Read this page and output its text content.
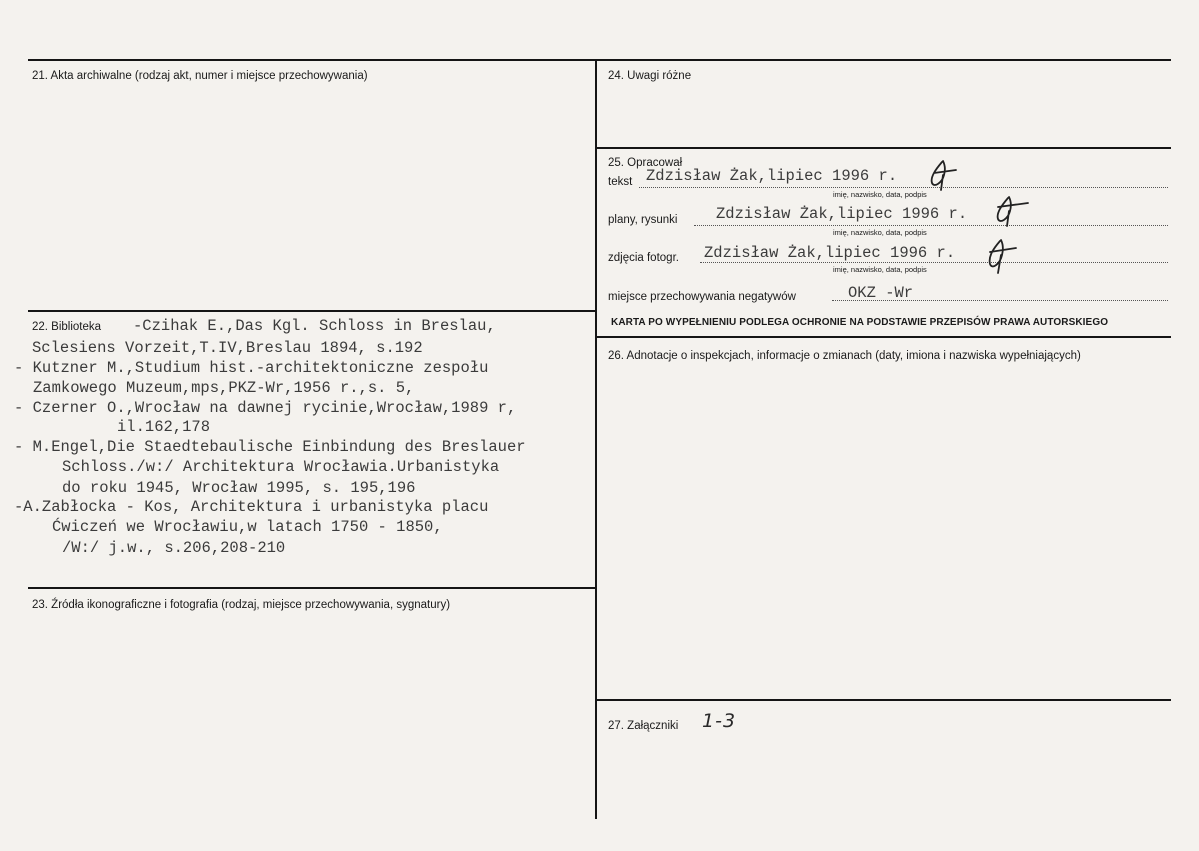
21. Akta archiwalne (rodzaj akt, numer i miejsce przechowywania)
22. Biblioteka -Czihak E.,Das Kgl. Schloss in Breslau,
Sclesiens Vorzeit,T.IV,Breslau 1894, s.192
- Kutzner M.,Studium hist.-architektoniczne zespołu
Zamkowego Muzeum,mps,PKZ-Wr,1956 r.,s. 5,
- Czerner O.,Wrocław na dawnej rycinie,Wrocław,1989 r,
il.162,178
- M.Engel,Die Staedtebaulische Einbindung des Breslauer
Schloss./w:/ Architektura Wrocławia.Urbanistyka
do roku 1945, Wrocław 1995, s. 195,196
-A.Zabłocka - Kos, Architektura i urbanistyka placu
Ćwiczeń we Wrocławiu,w latach 1750 - 1850,
/W:/ j.w., s.206,208-210
23. Źródła ikonograficzne i fotografia (rodzaj, miejsce przechowywania, sygnatury)
24. Uwagi różne
25. Opracował
tekst Zdzisław Żak,lipiec 1996 r.
imię, nazwisko, data, podpis
plany, rysunki Zdzisław Żak,lipiec 1996 r.
imię, nazwisko, data, podpis
zdjęcia fotogr. Zdzisław Żak,lipiec 1996 r.
imię, nazwisko, data, podpis
miejsce przechowywania negatywów	OKZ -Wr
KARTA PO WYPEŁNIENIU PODLEGA OCHRONIE NA PODSTAWIE PRZEPISÓW PRAWA AUTORSKIEGO
26. Adnotacje o inspekcjach, informacje o zmianach (daty, imiona i nazwiska wypełniających)
27. Załączniki 1-3
